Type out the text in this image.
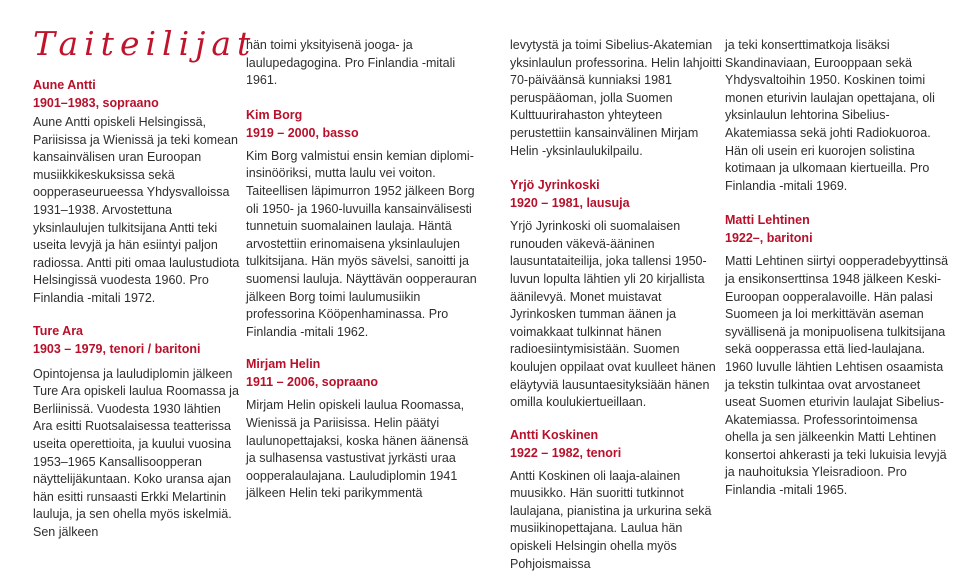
Taiteilijat
Aune Antti
1901–1983, sopraano

Aune Antti opiskeli Helsingissä, Pariisissa ja Wienissä ja teki komean kansainvälisen uran Euroopan musiikkikeskuksissa sekä oopperaseurueessa Yhdysvalloissa 1931–1938. Arvostettuna yksinlaulujen tulkitsijana Antti teki useita levyjä ja hän esiintyi paljon radiossa. Antti piti omaa laulustudiota Helsingissä vuodesta 1960. Pro Finlandia -mitali 1972.

Ture Ara
1903 – 1979, tenori / baritoni

Opintojensa ja lauludiplomin jälkeen Ture Ara opiskeli laulua Roomassa ja Berliinissä. Vuodesta 1930 lähtien Ara esitti Ruotsalaisessa teatterissa useita operettioita, ja kuului vuosina 1953–1965 Kansallisoopperan näyttelijäkuntaan. Koko uransa ajan hän esitti runsaasti Erkki Melartinin lauluja, ja sen ohella myös iskelmiä. Sen jälkeen

hän toimi yksityisenä jooga- ja laulupedagogina. Pro Finlandia -mitali 1961.

Kim Borg
1919 – 2000, basso

Kim Borg valmistui ensin kemian diplomi-insinööriksi, mutta laulu vei voiton. Taiteellisen läpimurron 1952 jälkeen Borg oli 1950- ja 1960-luvuilla kansainvälisesti tunnetuin suomalainen laulaja. Häntä arvostettiin erinomaisena yksinlaulujen tulkitsijana. Hän myös sävelsi, sanoitti ja suomensi lauluja. Näyttävän oopperauran jälkeen Borg toimi laulumusiikin professorina Kööpenhaminassa. Pro Finlandia -mitali 1962.

Mirjam Helin
1911 – 2006, sopraano

Mirjam Helin opiskeli laulua Roomassa, Wienissä ja Pariisissa. Helin päätyi laulunopettajaksi, koska hänen äänensä ja sulhasensa vastustivat jyrkästi uraa oopperalaulajana. Lauludiplomin 1941 jälkeen Helin teki parikymmentä

levytystä ja toimi Sibelius-Akatemian yksinlaulun professorina. Helin lahjoitti 70-päiväänsä kunniaksi 1981 peruspääoman, jolla Suomen Kulttuurirahaston yhteyteen perustettiin kansainvälinen Mirjam Helin -yksinlaulukilpailu.

Yrjö Jyrinkoski
1920 – 1981, lausuja

Yrjö Jyrinkoski oli suomalaisen runouden väkevä-ääninen lausuntataiteilija, joka tallensi 1950-luvun lopulta lähtien yli 20 kirjallista äänilevyä. Monet muistavat Jyrinkosken tumman äänen ja voimakkaat tulkinnat hänen radioesiintymisistään. Suomen koulujen oppilaat ovat kuulleet hänen eläytyviä lausuntaesityksiään hänen omilla koulukiertueillaan.

Antti Koskinen
1922 – 1982, tenori

Antti Koskinen oli laaja-alainen muusikko. Hän suoritti tutkinnot laulajana, pianistina ja urkurina sekä musiikinopettajana. Laulua hän opiskeli Helsingin ohella myös Pohjoismaissa

ja teki konserttimatkoja lisäksi Skandinaviaan, Eurooppaan sekä Yhdysvaltoihin 1950. Koskinen toimi monen eturivin laulajan opettajana, oli yksinlaulun lehtorina Sibelius-Akatemiassa sekä johti Radiokuoroa. Hän oli usein eri kuorojen solistina kotimaan ja ulkomaan kiertueilla. Pro Finlandia -mitali 1969.

Matti Lehtinen
1922–, baritoni

Matti Lehtinen siirtyi oopperadebyyttinsä ja ensikonserttinsa 1948 jälkeen Keski-Euroopan oopperalavoille. Hän palasi Suomeen ja loi merkittävän aseman syvällisenä ja monipuolisena tulkitsijana sekä oopperassa että lied-laulajana. 1960 luvulle lähtien Lehtisen osaamista ja tekstin tulkintaa ovat arvostaneet useat Suomen eturivin laulajat Sibelius-Akatemiassa. Professorintoimensa ohella ja sen jälkeenkin Matti Lehtinen konsertoi ahkerasti ja teki lukuisia levyjä ja nauhoituksia Yleisradioon. Pro Finlandia -mitali 1965.
